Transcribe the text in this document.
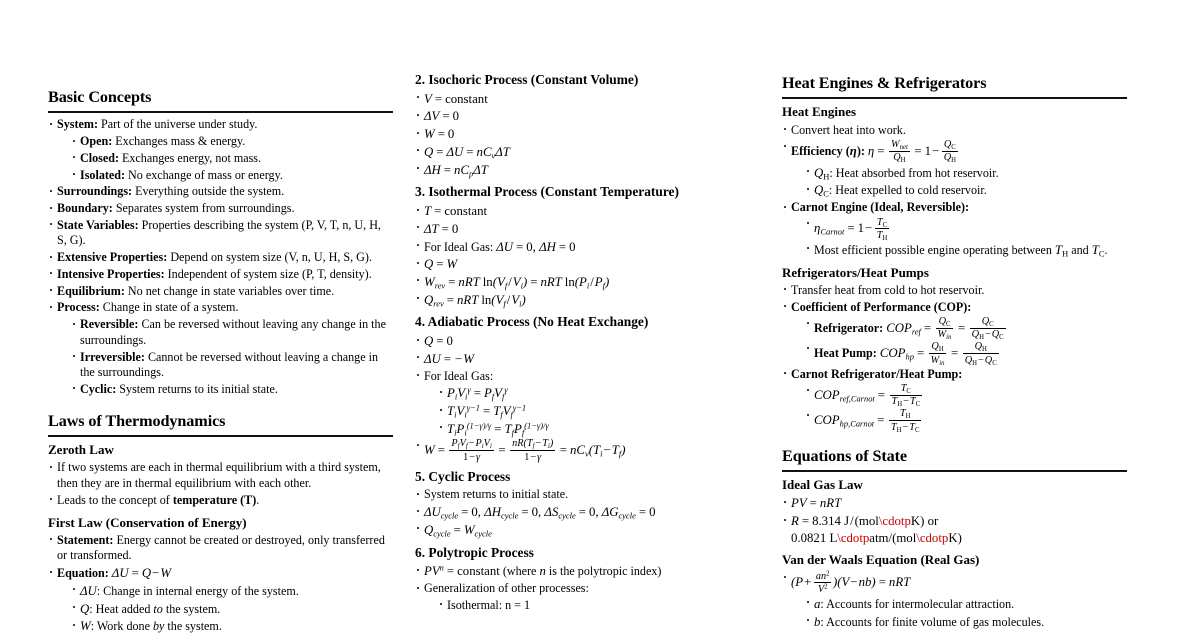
Basic Concepts
· System: Part of the universe under study.
· Open: Exchanges mass & energy.
· Closed: Exchanges energy, not mass.
· Isolated: No exchange of mass or energy.
· Surroundings: Everything outside the system.
· Boundary: Separates system from surroundings.
· State Variables: Properties describing the system (P, V, T, n, U, H, S, G).
· Extensive Properties: Depend on system size (V, n, U, H, S, G).
· Intensive Properties: Independent of system size (P, T, density).
· Equilibrium: No net change in state variables over time.
· Process: Change in state of a system.
· Reversible: Can be reversed without leaving any change in the surroundings.
· Irreversible: Cannot be reversed without leaving a change in the surroundings.
· Cyclic: System returns to its initial state.
Laws of Thermodynamics
Zeroth Law
· If two systems are each in thermal equilibrium with a third system, then they are in thermal equilibrium with each other.
· Leads to the concept of temperature (T).
First Law (Conservation of Energy)
· Statement: Energy cannot be created or destroyed, only transferred or transformed.
· Equation: ΔU = Q−W
· ΔU: Change in internal energy of the system.
· Q: Heat added to the system.
· W: Work done by the system.
2. Isochoric Process (Constant Volume)
· V = constant
· ΔV = 0
· W = 0
· $Q = \Delta U = nC_v\Delta T$
· $\Delta H = nC_p\Delta T$
3. Isothermal Process (Constant Temperature)
· T = constant
· ΔT = 0
· For Ideal Gas: ΔU = 0, ΔH = 0
· Q = W
· $W_{rev}$ = nRT $\ln(V_f/V_i)$ = nRT $\ln(P_i/P_f)$
· $Q_{rev}$ = nRT $\ln(V_f/V_i)$
4. Adiabatic Process (No Heat Exchange)
· Q = 0
· ΔU = −W
· For Ideal Gas:
· $P_iV_i^\gamma = P_fV_f^\gamma$
· $T_iV_i^{\gamma-1} = T_fV_f^{\gamma-1}$
· $T_iP_i^{(1-\gamma)/\gamma} = T_fP_f^{(1-\gamma)/\gamma}$
· $W = \frac{P_fV_f-P_iV_i}{1-\gamma} = \frac{nR(T_f-T_i)}{1-\gamma} = nC_v(T_i-T_f)$
5. Cyclic Process
· System returns to initial state.
· $\Delta U_{cycle} = 0$, $\Delta H_{cycle} = 0$, $\Delta S_{cycle} = 0$, $\Delta G_{cycle} = 0$
· $Q_{cycle} = W_{cycle}$
6. Polytropic Process
· $PV^n$ = constant (where n is the polytropic index)
· Generalization of other processes:
· Isothermal: n = 1
Heat Engines & Refrigerators
Heat Engines
· Convert heat into work.
· Efficiency (η): $\eta = \frac{W_{net}}{Q_H} = 1- \frac{Q_C}{Q_H}$
· $Q_H$: Heat absorbed from hot reservoir.
· $Q_C$: Heat expelled to cold reservoir.
· Carnot Engine (Ideal, Reversible):
· $\eta_{Carnot} = 1- \frac{T_C}{T_H}$
· Most efficient possible engine operating between $T_H$ and $T_C$.
Refrigerators/Heat Pumps
· Transfer heat from cold to hot reservoir.
· Coefficient of Performance (COP):
· Refrigerator: $COP_{ref} = \frac{Q_C}{W_{in}} = \frac{Q_C}{Q_H-Q_C}$
· Heat Pump: $COP_{hp} = \frac{Q_H}{W_{in}} = \frac{Q_H}{Q_H-Q_C}$
· Carnot Refrigerator/Heat Pump:
· $COP_{ref,Carnot} = \frac{T_C}{T_H-T_C}$
· $COP_{hp,Carnot} = \frac{T_H}{T_H-T_C}$
Equations of State
Ideal Gas Law
· PV = nRT
· R = 8.314 J/(mol\cdotpK) or
0.0821 L\cdotpatm/(mol\cdotpK)
Van der Waals Equation (Real Gas)
· $(P+ \frac{an^2}{V^2} )(V-nb)$ = nRT
· a: Accounts for intermolecular attraction.
· b: Accounts for finite volume of gas molecules.
